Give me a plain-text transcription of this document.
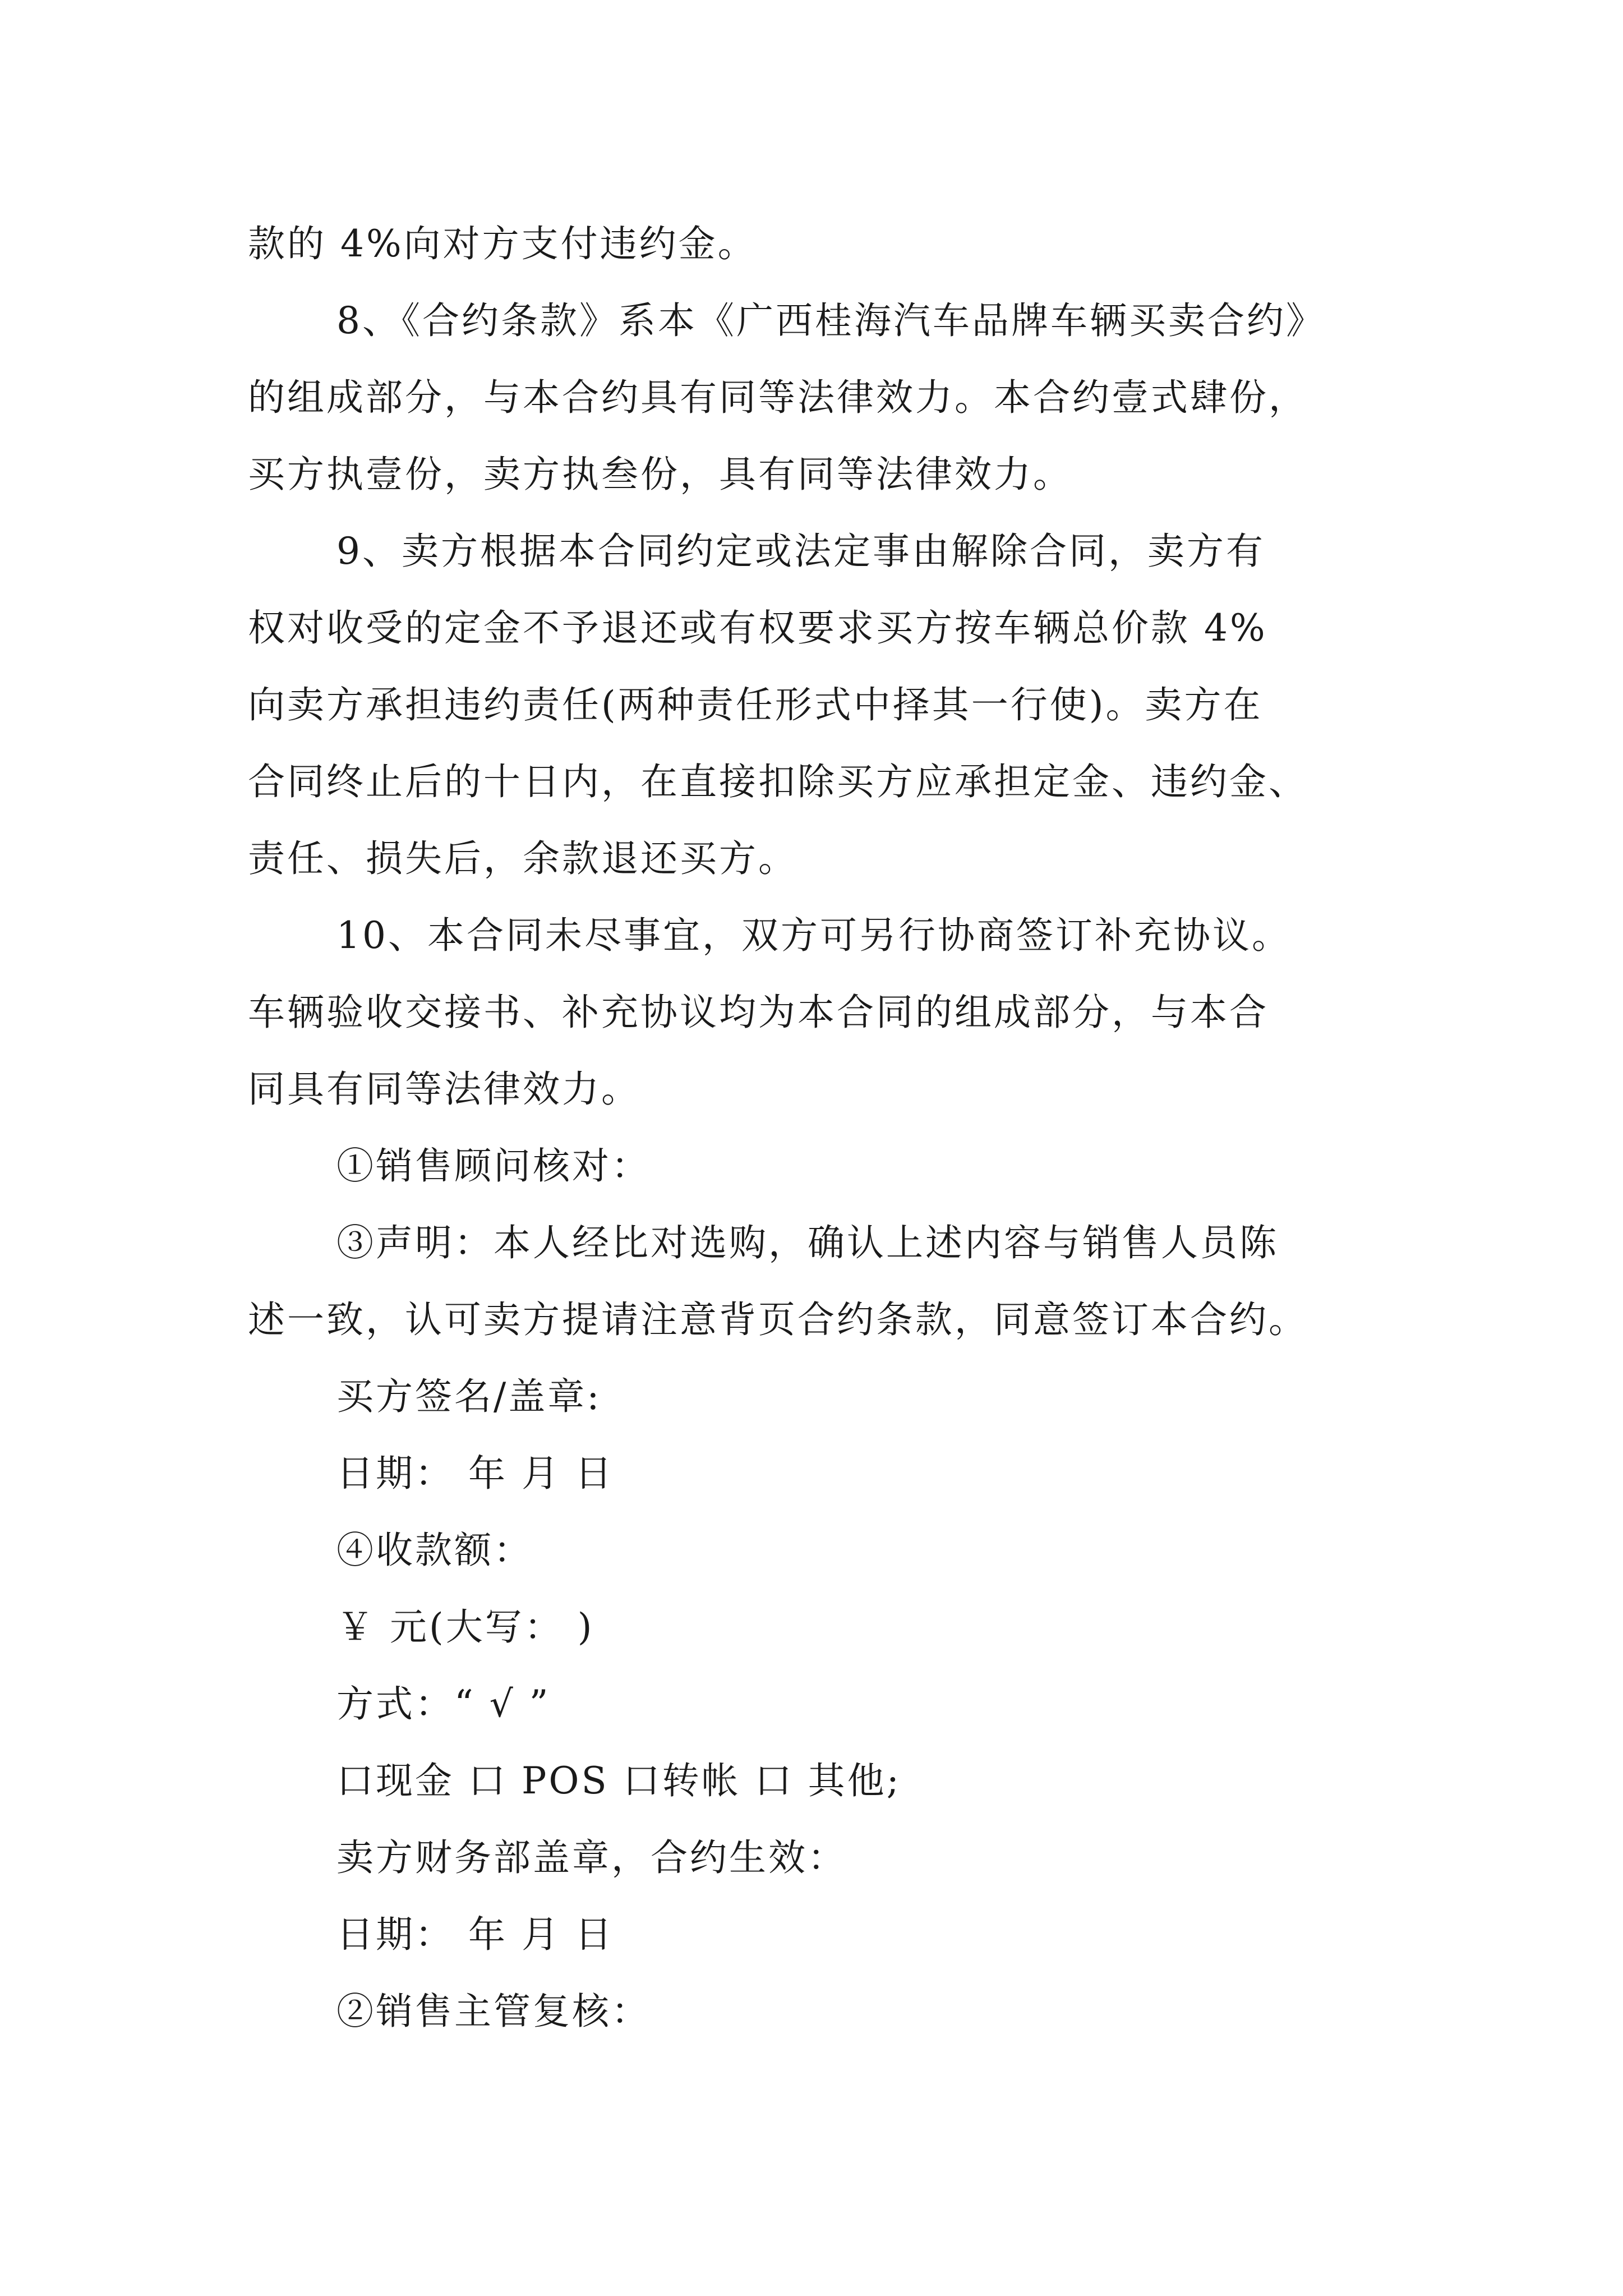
款的 4%向对方支付违约金。
8、《合约条款》系本《广西桂海汽车品牌车辆买卖合约》
的组成部分，与本合约具有同等法律效力。本合约壹式肆份，
买方执壹份，卖方执叁份，具有同等法律效力。
9、卖方根据本合同约定或法定事由解除合同，卖方有
权对收受的定金不予退还或有权要求买方按车辆总价款 4%
向卖方承担违约责任(两种责任形式中择其一行使)。卖方在
合同终止后的十日内，在直接扣除买方应承担定金、违约金、
责任、损失后，余款退还买方。
10、本合同未尽事宜，双方可另行协商签订补充协议。
车辆验收交接书、补充协议均为本合同的组成部分，与本合
同具有同等法律效力。
①销售顾问核对：
③声明：本人经比对选购，确认上述内容与销售人员陈
述一致，认可卖方提请注意背页合约条款，同意签订本合约。
买方签名/盖章:
日期： 年 月 日
④收款额：
￥ 元(大写： )
方式：“ √ ”
口现金 口 POS 口转帐 口 其他;
卖方财务部盖章，合约生效：
日期： 年 月 日
②销售主管复核：
